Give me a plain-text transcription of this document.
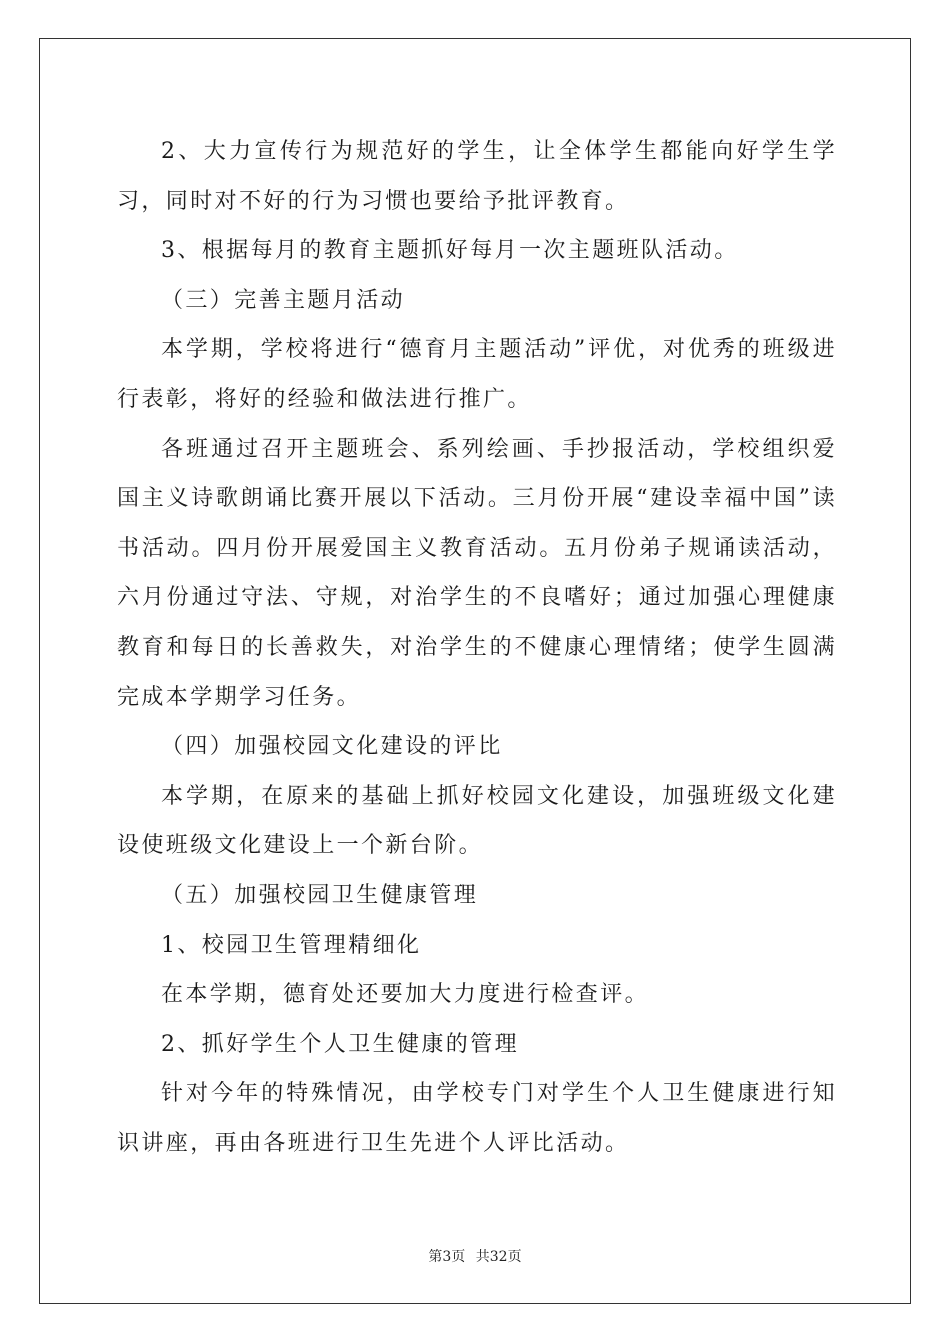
2、大力宣传行为规范好的学生，让全体学生都能向好学生学习，同时对不好的行为习惯也要给予批评教育。

3、根据每月的教育主题抓好每月一次主题班队活动。

（三）完善主题月活动

本学期，学校将进行“德育月主题活动”评优，对优秀的班级进行表彰，将好的经验和做法进行推广。

各班通过召开主题班会、系列绘画、手抄报活动，学校组织爱国主义诗歌朗诵比赛开展以下活动。三月份开展“建设幸福中国”读书活动。四月份开展爱国主义教育活动。五月份弟子规诵读活动，六月份通过守法、守规，对治学生的不良嗜好；通过加强心理健康教育和每日的长善救失，对治学生的不健康心理情绪；使学生圆满完成本学期学习任务。

（四）加强校园文化建设的评比

本学期，在原来的基础上抓好校园文化建设，加强班级文化建设使班级文化建设上一个新台阶。

（五）加强校园卫生健康管理

1、校园卫生管理精细化

在本学期，德育处还要加大力度进行检查评。

2、抓好学生个人卫生健康的管理

针对今年的特殊情况，由学校专门对学生个人卫生健康进行知识讲座，再由各班进行卫生先进个人评比活动。

第3页 共32页
